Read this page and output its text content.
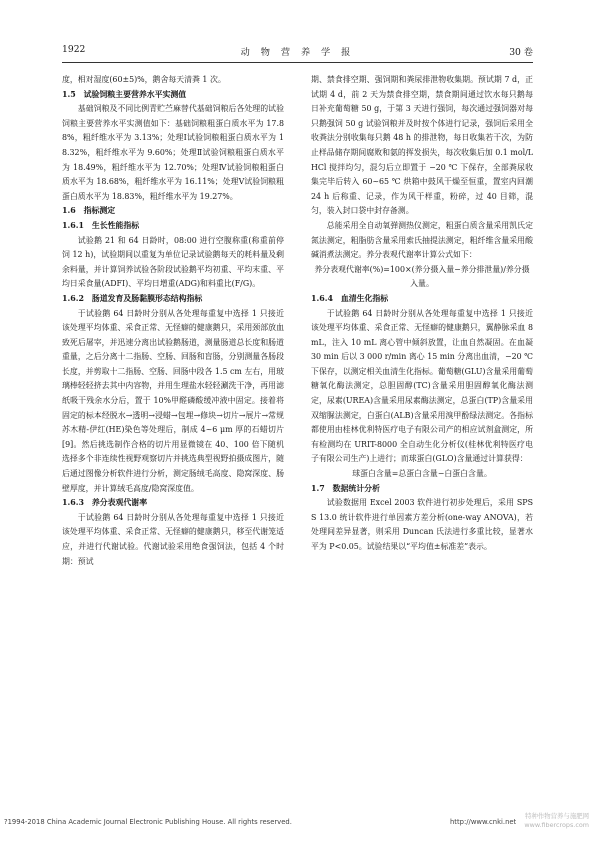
1922	动 物 营 养 学 报	30 卷

度，相对湿度(60±5)%，鹅舍每天清粪 1 次。

1.5　试验饲粮主要营养水平实测值

基础饲粮及不同比例青贮苎麻替代基础饲粮后各处理的试验饲粮主要营养水平实测值如下：基础饲粮粗蛋白质水平为 17.88%，粗纤维水平为 3.13%；处理Ⅰ试验饲粮粗蛋白质水平为 18.32%，粗纤维水平为 9.60%；处理Ⅱ试验饲粮粗蛋白质水平为 18.49%，粗纤维水平为 12.70%；处理Ⅳ试验饲粮粗蛋白质水平为 18.68%，粗纤维水平为 16.11%；处理Ⅴ试验饲粮粗蛋白质水平为 18.83%，粗纤维水平为 19.27%。

1.6　指标测定

1.6.1　生长性能指标

试验鹅 21 和 64 日龄时，08:00 进行空腹称重(称重前停饲 12 h)，试验期间以重复为单位记录试验鹅每天的耗料量及剩余料量，并计算饲养试验各阶段试验鹅平均初重、平均末重、平均日采食量(ADFI)、平均日增重(ADG)和料重比(F/G)。

1.6.2　肠道发育及肠黏膜形态结构指标

于试验鹅 64 日龄时分别从各处理每重复中选择 1 只接近该处理平均体重、采食正常、无怪癖的健康鹅只，采用颈部放血致死后屠宰，并迅速分离出试验鹅肠道，测量肠道总长度和肠道重量，之后分离十二指肠、空肠、回肠和盲肠，分别测量各肠段长度，并剪取十二指肠、空肠、回肠中段各 1.5 cm 左右，用玻璃棒轻轻挤去其中内容物，并用生理盐水轻轻涮洗干净，再用滤纸吸干残余水分后，置于 10%甲醛磷酸缓冲液中固定。接着将固定的标本经脱水→透明→浸蜡→包埋→修块→切片→展片→常规苏木精-伊红(HE)染色等处理后，制成 4~6 μm 厚的石蜡切片[9]。然后挑选制作合格的切片用显微镜在 40、100 倍下随机选择多个非连续性视野观察切片并挑选典型视野拍摄成图片，随后通过图像分析软件进行分析，测定肠绒毛高度、隐窝深度、肠壁厚度，并计算绒毛高度/隐窝深度值。

1.6.3　养分表观代谢率

于试验鹅 64 日龄时分别从各处理每重复中选择 1 只接近该处理平均体重、采食正常、无怪癖的健康鹅只，移至代谢笼适应，并进行代谢试验。代谢试验采用绝食强饲法，包括 4 个时期：预试

期、禁食排空期、强饲期和粪尿排泄物收集期。预试期 7 d，正试期 4 d，前 2 天为禁食排空期，禁食期间通过饮水每只鹅每日补充葡萄糖 50 g，于第 3 天进行强饲，每次通过强饲器对每只鹅强饲 50 g 试验饲粮并及时按个体进行记录，强饲后采用全收粪法分别收集每只鹅 48 h 的排泄物，每日收集若干次，为防止样品储存期间腐败和氨的挥发损失，每次收集后加 0.1 mol/L HCl 搅拌均匀，混匀后立即置于 −20 ℃ 下保存，全部粪尿收集完毕后转入 60~65 ℃ 烘箱中鼓风干燥至恒重，置室内回潮 24 h 后称重、记录，作为风干样重，粉碎，过 40 目筛，混匀，装入封口袋中封存备测。

总能采用全自动氧弹测热仪测定，粗蛋白质含量采用凯氏定氮法测定，粗脂肪含量采用索氏抽提法测定，粗纤维含量采用酸碱消煮法测定。养分表观代谢率计算公式如下：

养分表观代谢率(%)=100×(养分摄入量−养分排泄量)/养分摄入量。

1.6.4　血清生化指标

于试验鹅 64 日龄时分别从各处理每重复中选择 1 只接近该处理平均体重、采食正常、无怪癖的健康鹅只，翼静脉采血 8 mL，注入 10 mL 离心管中倾斜放置，让血自然凝固。在血凝 30 min 后以 3 000 r/min 离心 15 min 分离出血清，−20 ℃ 下保存，以测定相关血清生化指标。葡萄糖(GLU)含量采用葡萄糖氧化酶法测定，总胆固醇(TC)含量采用胆固醇氧化酶法测定，尿素(UREA)含量采用尿素酶法测定，总蛋白(TP)含量采用双缩脲法测定，白蛋白(ALB)含量采用溴甲酚绿法测定。各指标都使用由桂林优利特医疗电子有限公司产的相应试剂盒测定，所有检测均在 URIT-8000 全自动生化分析仪(桂林优利特医疗电子有限公司生产)上进行；而球蛋白(GLO)含量通过计算获得：

球蛋白含量=总蛋白含量−白蛋白含量。

1.7　数据统计分析

试验数据用 Excel 2003 软件进行初步处理后，采用 SPSS 13.0 统计软件进行单因素方差分析(one-way ANOVA)，若处理间差异显著，则采用 Duncan 氏法进行多重比较，显著水平为 P<0.05。试验结果以“平均值±标准差”表示。

?1994-2018 China Academic Journal Electronic Publishing House. All rights reserved.	http://www.cnki.net
特种作物营养与施肥网
www.fibercrops.com
